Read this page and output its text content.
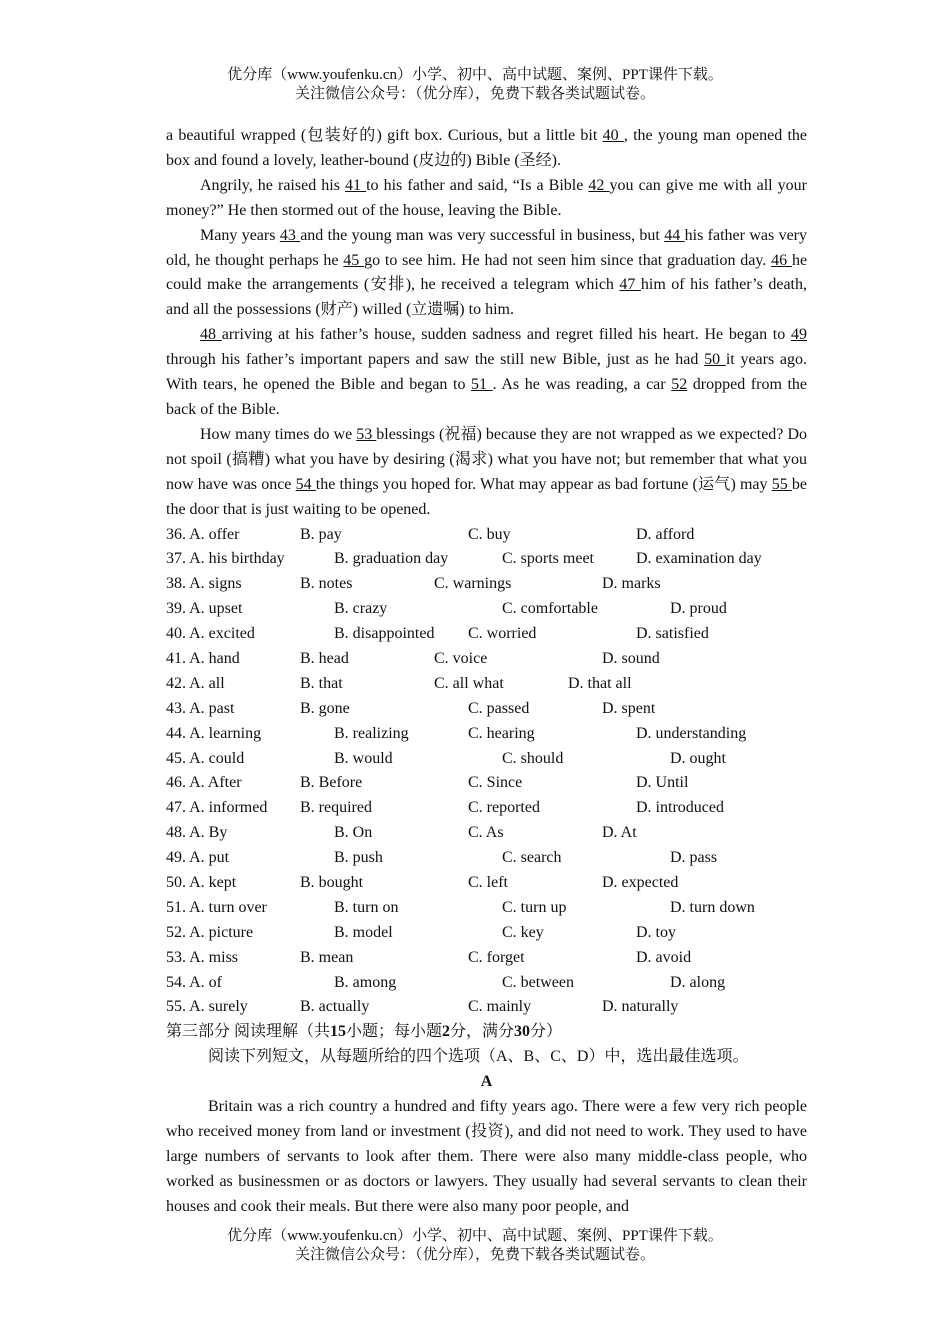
优分库（www.youfenku.cn）小学、初中、高中试题、案例、PPT课件下载。
关注微信公众号：（优分库），免费下载各类试题试卷。

a beautiful wrapped (包装好的) gift box. Curious, but a little bit 40 , the young man opened the box and found a lovely, leather-bound (皮边的) Bible (圣经).

Angrily, he raised his 41 to his father and said, “Is a Bible 42 you can give me with all your money?” He then stormed out of the house, leaving the Bible.

Many years 43 and the young man was very successful in business, but 44 his father was very old, he thought perhaps he 45 go to see him. He had not seen him since that graduation day. 46 he could make the arrangements (安排), he received a telegram which 47 him of his father’s death, and all the possessions (财产) willed (立遗嘱) to him.

48 arriving at his father’s house, sudden sadness and regret filled his heart. He began to 49 through his father’s important papers and saw the still new Bible, just as he had 50 it years ago. With tears, he opened the Bible and began to 51 . As he was reading, a car 52 dropped from the back of the Bible.

How many times do we 53 blessings (祝福) because they are not wrapped as we expected? Do not spoil (搞糟) what you have by desiring (渴求) what you have not; but remember that what you now have was once 54 the things you hoped for. What may appear as bad fortune (运气) may 55 be the door that is just waiting to be opened.

36. A. offer	B. pay	C. buy	D. afford
37. A. his birthday	B. graduation day	C. sports meet	D. examination day
38. A. signs	B. notes	C. warnings	D. marks
39. A. upset	B. crazy	C. comfortable	D. proud
40. A. excited	B. disappointed C. worried	D. satisfied
41. A. hand	B. head	C. voice	D. sound
42. A. all	B. that	C. all what	D. that all
43. A. past	B. gone	C. passed	D. spent
44. A. learning	B. realizing	C. hearing	D. understanding
45. A. could	B. would	C. should	D. ought
46. A. After	B. Before	C. Since	D. Until
47. A. informed B. required	C. reported	D. introduced
48. A. By	B. On	C. As	D. At
49. A. put	B. push	C. search	D. pass
50. A. kept	B. bought	C. left	D. expected
51. A. turn over	B. turn on	C. turn up	D. turn down
52. A. picture	B. model	C. key	D. toy
53. A. miss	B. mean	C. forget	D. avoid
54. A. of	B. among	C. between	D. along
55. A. surely	B. actually	C. mainly	D. naturally

第三部分 阅读理解（共15小题；每小题2分，满分30分）

阅读下列短文，从每题所给的四个选项（A、B、C、D）中，选出最佳选项。

A

Britain was a rich country a hundred and fifty years ago. There were a few very rich people who received money from land or investment (投资), and did not need to work. They used to have large numbers of servants to look after them. There were also many middle-class people, who worked as businessmen or as doctors or lawyers. They usually had several servants to clean their houses and cook their meals. But there were also many poor people, and

优分库（www.youfenku.cn）小学、初中、高中试题、案例、PPT课件下载。
关注微信公众号：（优分库），免费下载各类试题试卷。
